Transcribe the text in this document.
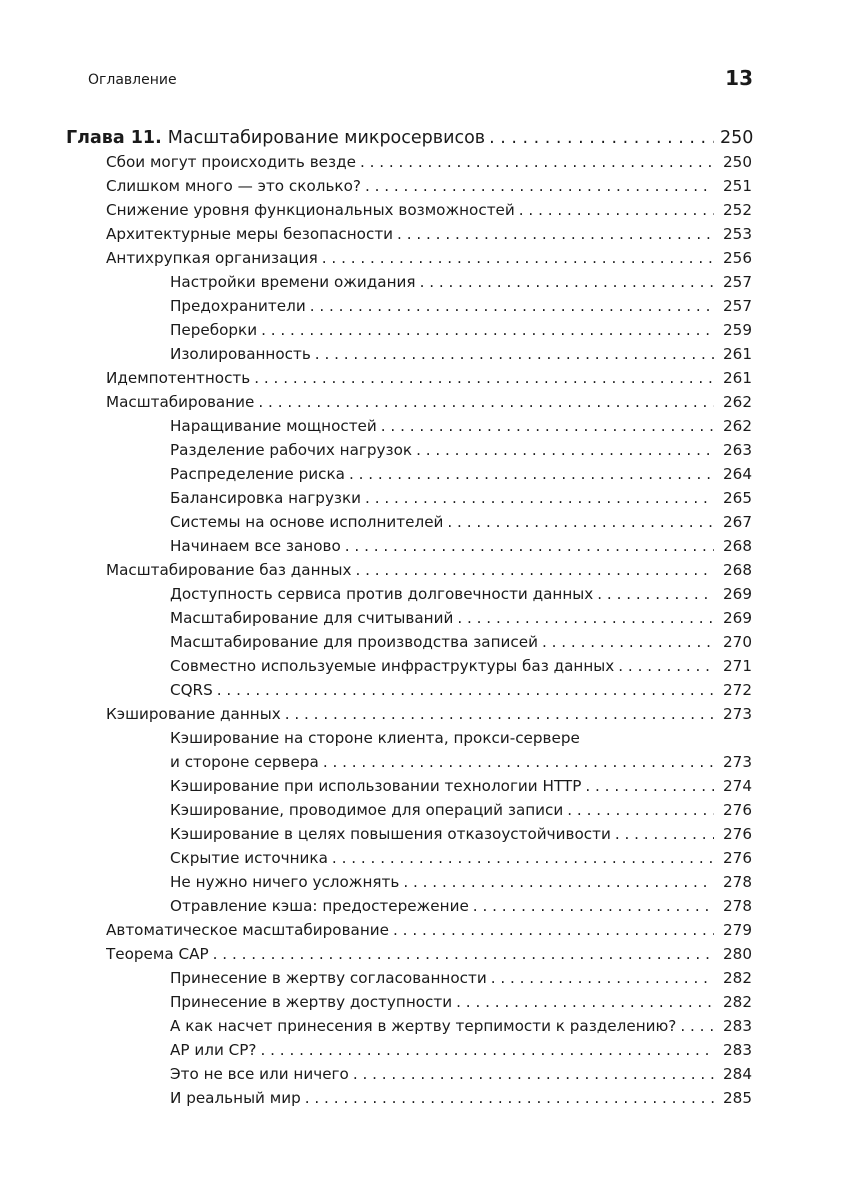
Оглавление	13
Глава 11. Масштабирование микросервисов . . .	250
Сбои могут происходить везде . . .	250
Слишком много — это сколько? . . .	251
Снижение уровня функциональных возможностей . . .	252
Архитектурные меры безопасности . . .	253
Антихрупкая организация . . .	256
Настройки времени ожидания . . .	257
Предохранители . . .	257
Переборки . . .	259
Изолированность . . .	261
Идемпотентность . . .	261
Масштабирование . . .	262
Наращивание мощностей . . .	262
Разделение рабочих нагрузок . . .	263
Распределение риска . . .	264
Балансировка нагрузки . . .	265
Системы на основе исполнителей . . .	267
Начинаем все заново . . .	268
Масштабирование баз данных . . .	268
Доступность сервиса против долговечности данных . . .	269
Масштабирование для считываний . . .	269
Масштабирование для производства записей . . .	270
Совместно используемые инфраструктуры баз данных . . .	271
CQRS . . .	272
Кэширование данных . . .	273
Кэширование на стороне клиента, прокси-сервере
и стороне сервера . . .	273
Кэширование при использовании технологии HTTP . . .	274
Кэширование, проводимое для операций записи . . .	276
Кэширование в целях повышения отказоустойчивости . . .	276
Скрытие источника . . .	276
Не нужно ничего усложнять . . .	278
Отравление кэша: предостережение . . .	278
Автоматическое масштабирование . . .	279
Теорема CAP . . .	280
Принесение в жертву согласованности . . .	282
Принесение в жертву доступности . . .	282
А как насчет принесения в жертву терпимости к разделению? . . .	283
AP или CP? . . .	283
Это не все или ничего . . .	284
И реальный мир . . .	285
